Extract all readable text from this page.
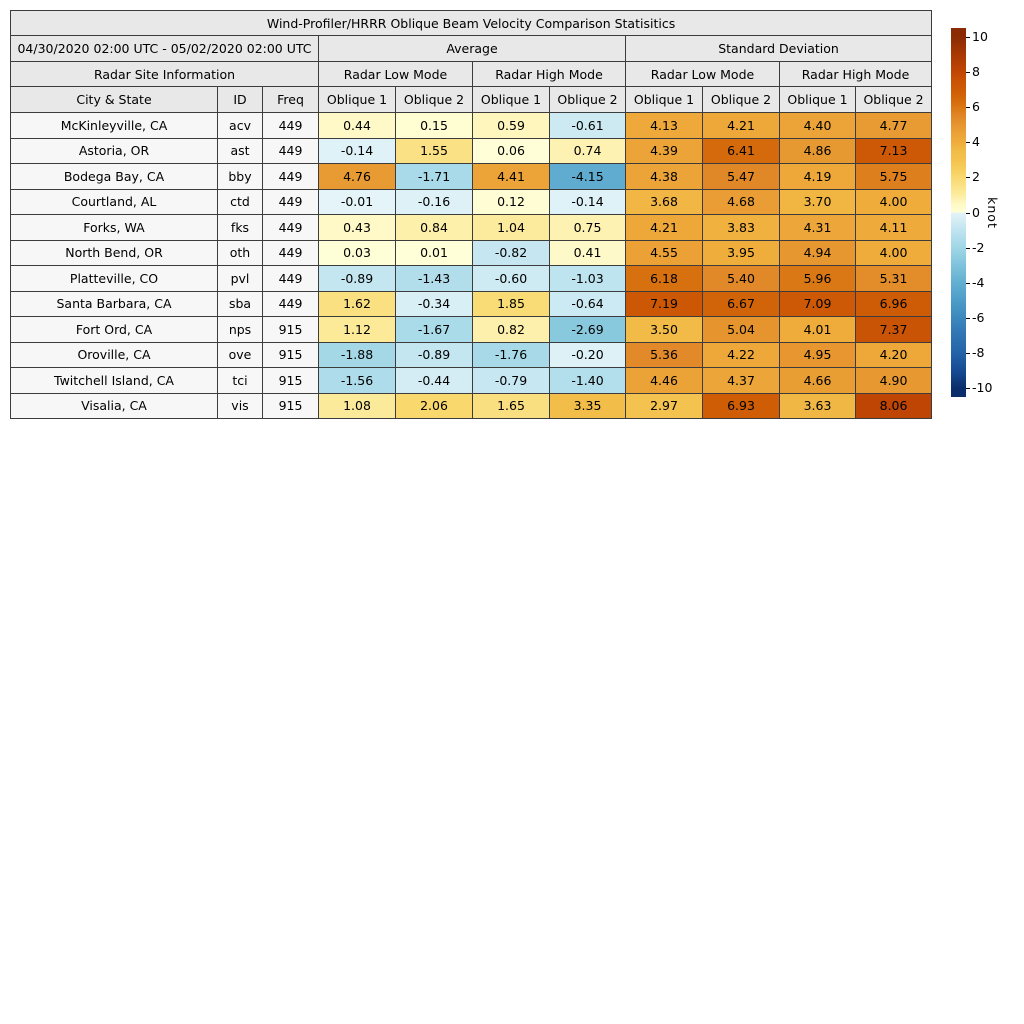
Wind-Profiler/HRRR Oblique Beam Velocity Comparison Statisitics										
04/30/2020 02:00 UTC - 05/02/2020 02:00 UTC			Average				Standard Deviation			
Radar Site Information			Radar Low Mode		Radar High Mode		Radar Low Mode		Radar High Mode	
City & State	ID	Freq	Oblique 1	Oblique 2	Oblique 1	Oblique 2	Oblique 1	Oblique 2	Oblique 1	Oblique 2
McKinleyville, CA	acv	449	0.44	0.15	0.59	-0.61	4.13	4.21	4.40	4.77
Astoria, OR	ast	449	-0.14	1.55	0.06	0.74	4.39	6.41	4.86	7.13
Bodega Bay, CA	bby	449	4.76	-1.71	4.41	-4.15	4.38	5.47	4.19	5.75
Courtland, AL	ctd	449	-0.01	-0.16	0.12	-0.14	3.68	4.68	3.70	4.00
Forks, WA	fks	449	0.43	0.84	1.04	0.75	4.21	3.83	4.31	4.11
North Bend, OR	oth	449	0.03	0.01	-0.82	0.41	4.55	3.95	4.94	4.00
Platteville, CO	pvl	449	-0.89	-1.43	-0.60	-1.03	6.18	5.40	5.96	5.31
Santa Barbara, CA	sba	449	1.62	-0.34	1.85	-0.64	7.19	6.67	7.09	6.96
Fort Ord, CA	nps	915	1.12	-1.67	0.82	-2.69	3.50	5.04	4.01	7.37
Oroville, CA	ove	915	-1.88	-0.89	-1.76	-0.20	5.36	4.22	4.95	4.20
Twitchell Island, CA	tci	915	-1.56	-0.44	-0.79	-1.40	4.46	4.37	4.66	4.90
Visalia, CA	vis	915	1.08	2.06	1.65	3.35	2.97	6.93	3.63	8.06
10
8
6
4
2
0
-2
-4
-6
-8
-10
knot
